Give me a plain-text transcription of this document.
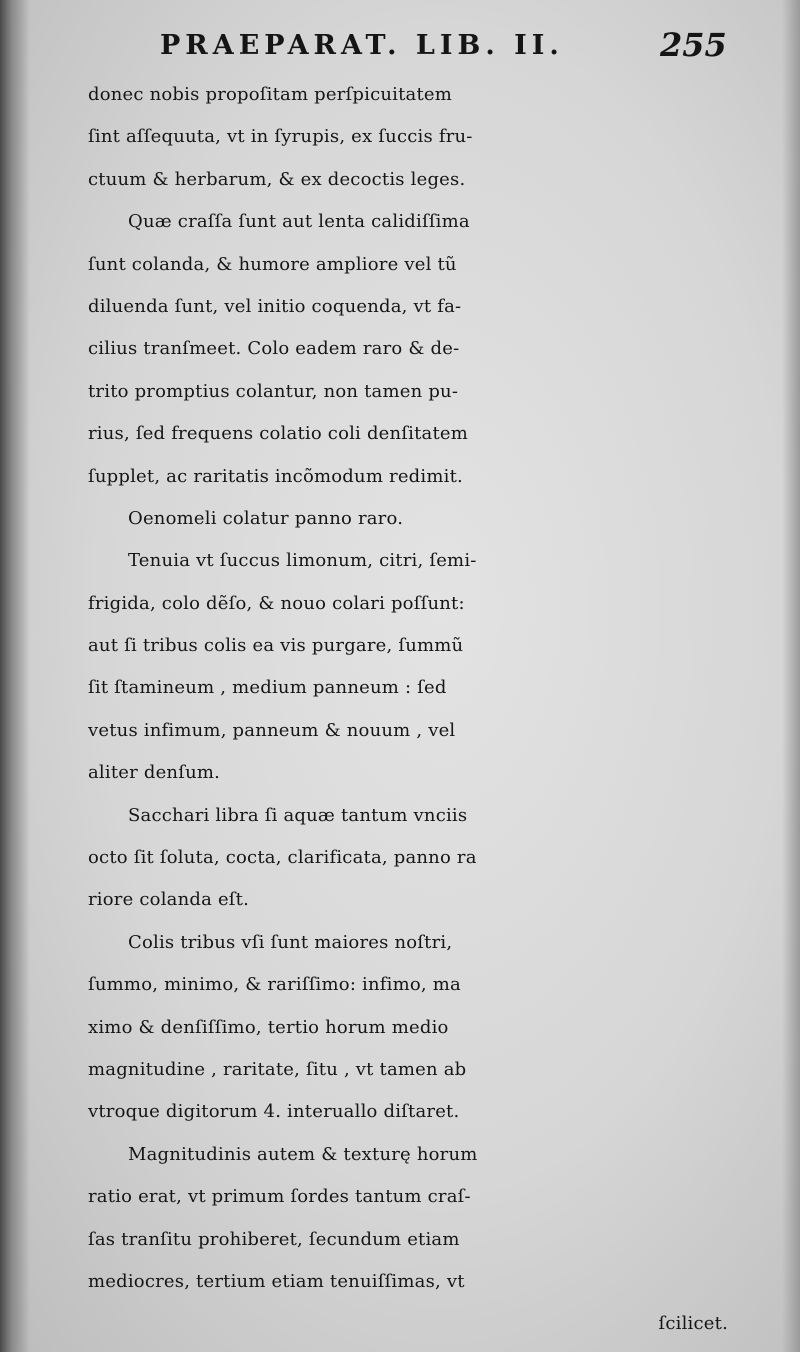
PRAEPARAT. LIB. II.	255
donec nobis propoſitam perſpicuitatem
ſint aſſequuta, vt in ſyrupis, ex ſuccis fru-
ctuum & herbarum, & ex decoctis leges.
Quæ craſſa ſunt aut lenta calidiſſima
ſunt colanda, & humore ampliore vel tũ
diluenda ſunt, vel initio coquenda, vt fa-
cilius tranſmeet. Colo eadem raro & de-
trito promptius colantur, non tamen pu-
rius, ſed frequens colatio coli denſitatem
ſupplet, ac raritatis incõmodum redimit.
Oenomeli colatur panno raro.
Tenuia vt ſuccus limonum, citri, ſemi-
frigida, colo dẽſo, & nouo colari poſſunt:
aut ſi tribus colis ea vis purgare, ſummũ
ſit ſtamineum , medium panneum : ſed
vetus infimum, panneum & nouum , vel
aliter denſum.
Sacchari libra ſi aquæ tantum vnciis
octo ſit ſoluta, cocta, clarificata, panno ra
riore colanda eſt.
Colis tribus vſi ſunt maiores noſtri,
ſummo, minimo, & rariſſimo: infimo, ma
ximo & denſiſſimo, tertio horum medio
magnitudine , raritate, ſitu , vt tamen ab
vtroque digitorum 4. interuallo diſtaret.
Magnitudinis autem & texturę horum
ratio erat, vt primum ſordes tantum craſ-
ſas tranſitu prohiberet, ſecundum etiam
mediocres, tertium etiam tenuiſſimas, vt
ſcilicet.
